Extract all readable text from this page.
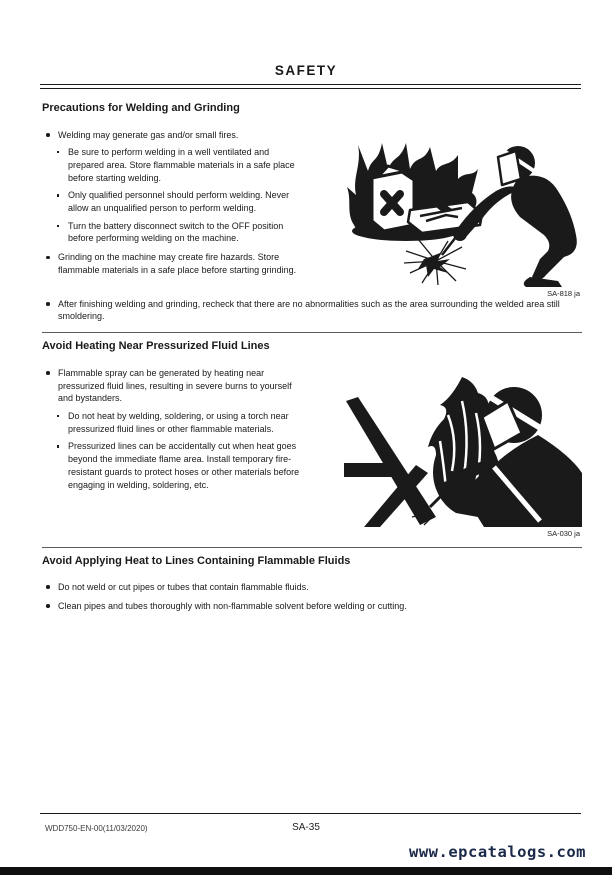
SAFETY
Precautions for Welding and Grinding
SA-818 ja
Welding may generate gas and/or small fires.
Be sure to perform welding in a well ventilated and prepared area. Store flammable materials in a safe place before starting welding.
Only qualified personnel should perform welding. Never allow an unqualified person to perform welding.
Turn the battery disconnect switch to the OFF position before performing welding on the machine.
Grinding on the machine may create fire hazards. Store flammable materials in a safe place before starting grinding.
After finishing welding and grinding, recheck that there are no abnormalities such as the area surrounding the welded area still smoldering.
Avoid Heating Near Pressurized Fluid Lines
SA-030 ja
Flammable spray can be generated by heating near pressurized fluid lines, resulting in severe burns to yourself and bystanders.
Do not heat by welding, soldering, or using a torch near pressurized fluid lines or other flammable materials.
Pressurized lines can be accidentally cut when heat goes beyond the immediate flame area. Install temporary fire-resistant guards to protect hoses or other materials before engaging in welding, soldering, etc.
Avoid Applying Heat to Lines Containing Flammable Fluids
Do not weld or cut pipes or tubes that contain flammable fluids.
Clean pipes and tubes thoroughly with non-flammable solvent before welding or cutting.
WDD750-EN-00(11/03/2020)	SA-35
www.epcatalogs.com
